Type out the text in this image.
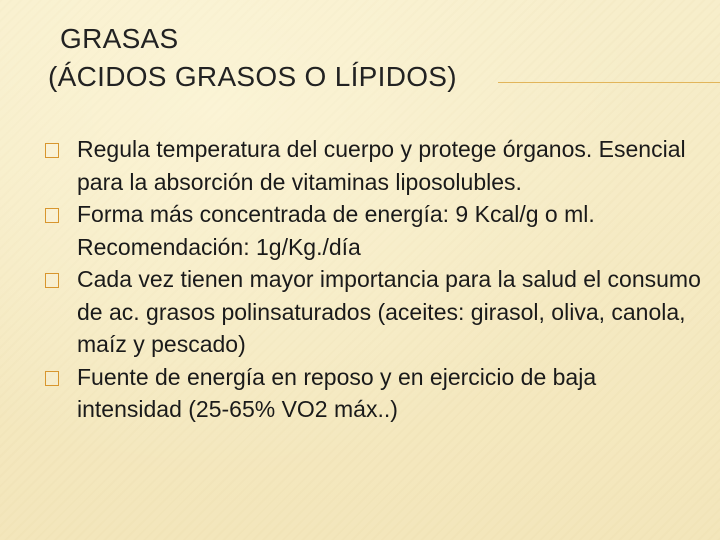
GRASAS
(ÁCIDOS GRASOS O LÍPIDOS)
Regula temperatura del cuerpo y protege órganos. Esencial para la absorción de vitaminas liposolubles.
Forma más concentrada de energía: 9 Kcal/g o ml. Recomendación: 1g/Kg./día
Cada vez tienen mayor importancia para la salud el consumo de ac. grasos polinsaturados (aceites: girasol, oliva, canola, maíz y pescado)
Fuente de energía en reposo y en ejercicio de baja intensidad (25-65% VO2 máx..)
